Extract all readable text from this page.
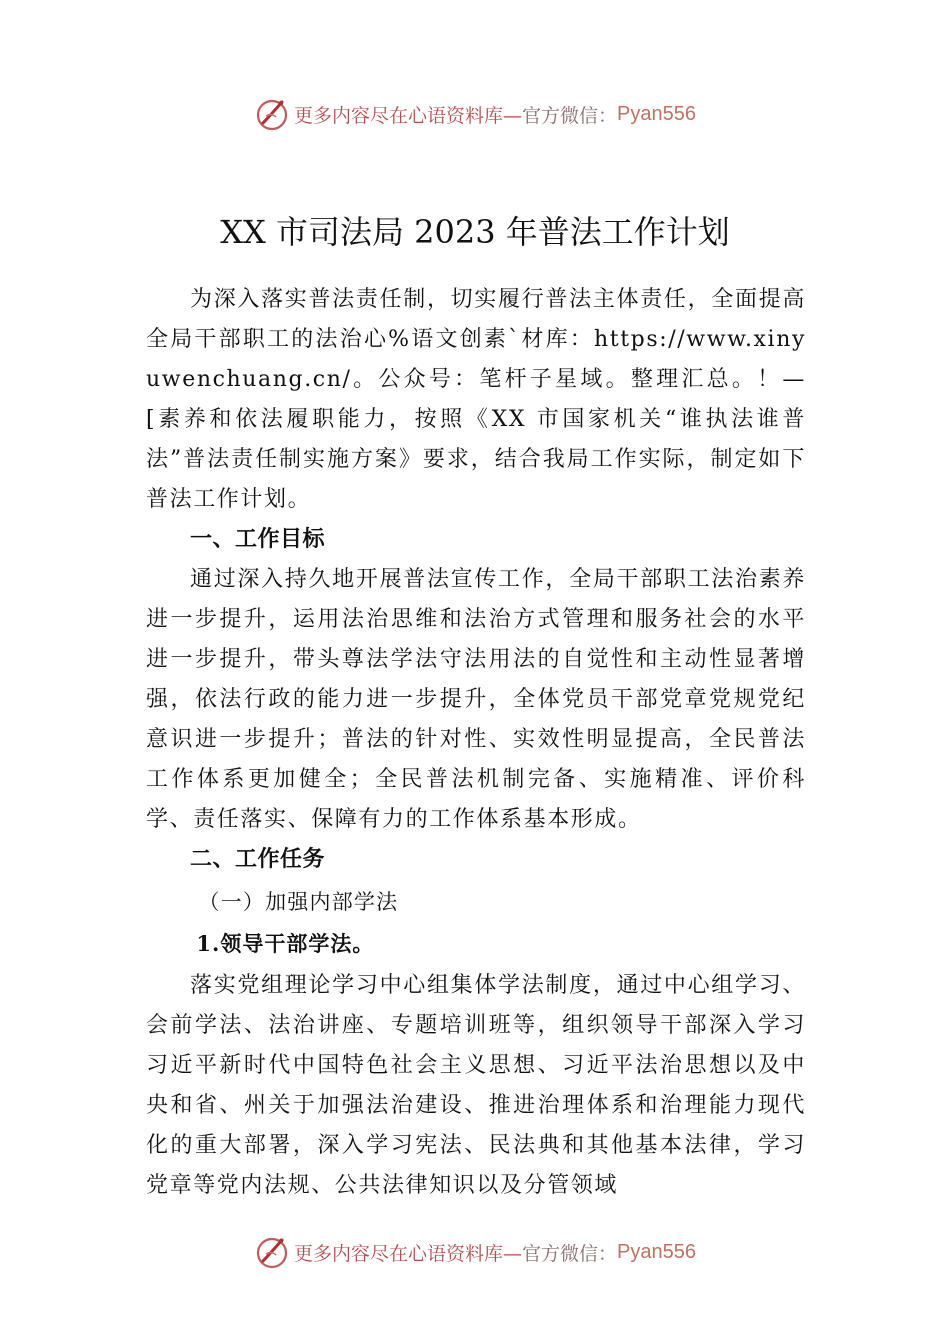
更多内容尽在心语资料库— 官方微信： Pyan556
XX 市司法局 2023 年普法工作计划

为深入落实普法责任制，切实履行普法主体责任，全面提高全局干部职工的法治心%语文创素`材库：https://www.xinyuwenchuang.cn/。公众号：笔杆子星域。整理汇总。！—[素养和依法履职能力，按照《XX 市国家机关“谁执法谁普法”普法责任制实施方案》要求，结合我局工作实际，制定如下普法工作计划。

一、工作目标

通过深入持久地开展普法宣传工作，全局干部职工法治素养进一步提升，运用法治思维和法治方式管理和服务社会的水平进一步提升，带头尊法学法守法用法的自觉性和主动性显著增强，依法行政的能力进一步提升，全体党员干部党章党规党纪意识进一步提升；普法的针对性、实效性明显提高，全民普法工作体系更加健全；全民普法机制完备、实施精准、评价科学、责任落实、保障有力的工作体系基本形成。

二、工作任务

（一）加强内部学法

1.领导干部学法。

落实党组理论学习中心组集体学法制度，通过中心组学习、会前学法、法治讲座、专题培训班等，组织领导干部深入学习习近平新时代中国特色社会主义思想、习近平法治思想以及中央和省、州关于加强法治建设、推进治理体系和治理能力现代化的重大部署，深入学习宪法、民法典和其他基本法律，学习党章等党内法规、公共法律知识以及分管领域

更多内容尽在心语资料库— 官方微信： Pyan556
